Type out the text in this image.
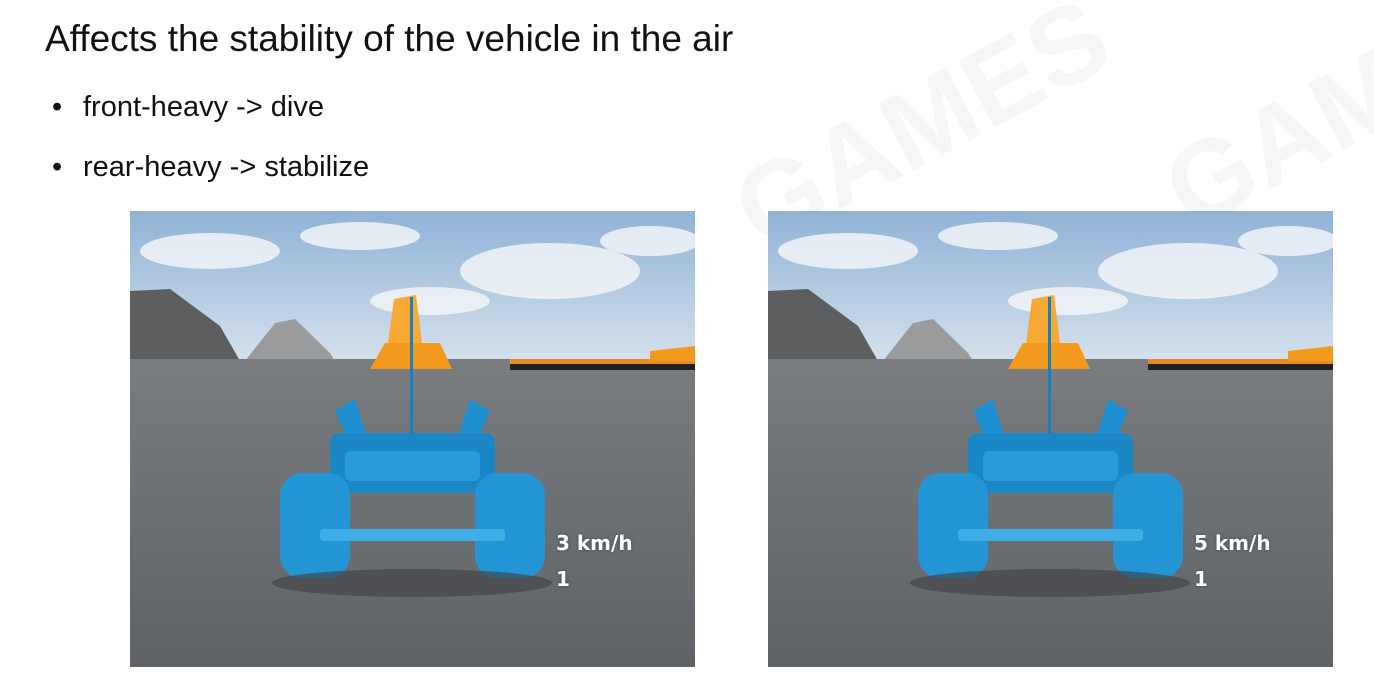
Affects the stability of the vehicle in the air
• front-heavy -> dive
• rear-heavy -> stabilize
3 km/h
1
5 km/h
1
